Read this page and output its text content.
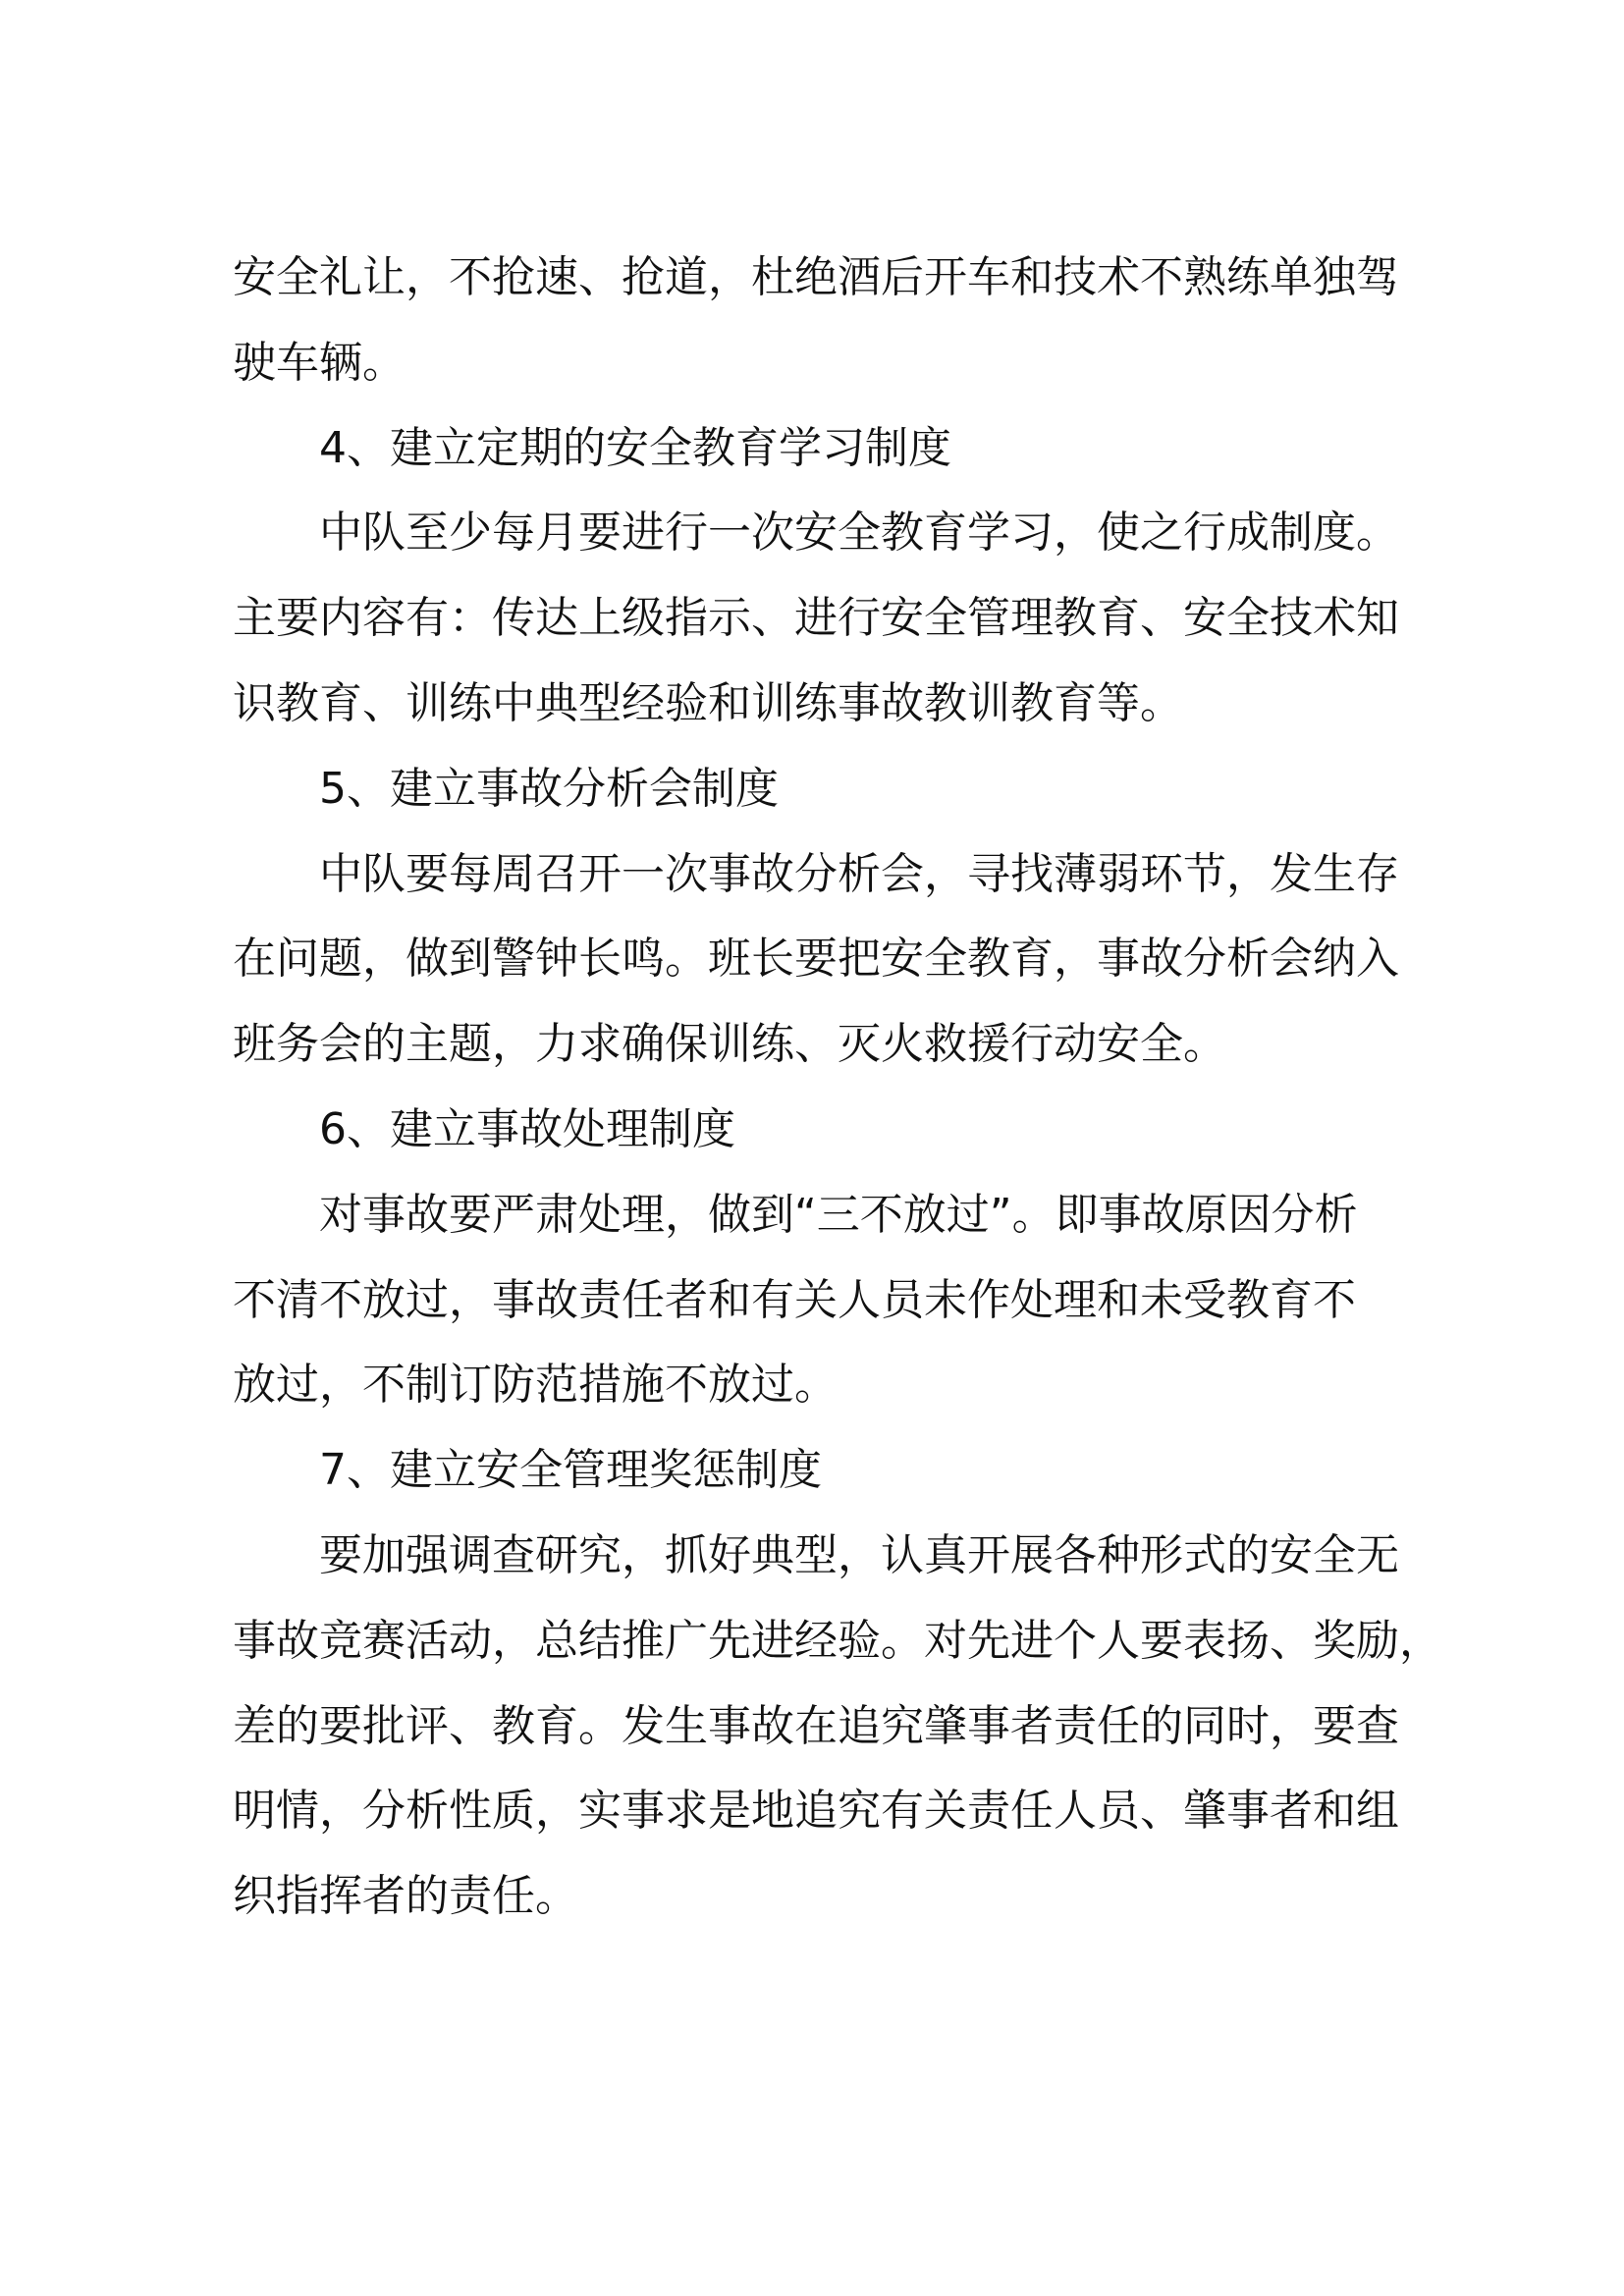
安全礼让，不抢速、抢道，杜绝酒后开车和技术不熟练单独驾
驶车辆。
4、建立定期的安全教育学习制度
中队至少每月要进行一次安全教育学习，使之行成制度。
主要内容有：传达上级指示、进行安全管理教育、安全技术知
识教育、训练中典型经验和训练事故教训教育等。
5、建立事故分析会制度
中队要每周召开一次事故分析会，寻找薄弱环节，发生存
在问题，做到警钟长鸣。班长要把安全教育，事故分析会纳入
班务会的主题，力求确保训练、灭火救援行动安全。
6、建立事故处理制度
对事故要严肃处理，做到“三不放过”。即事故原因分析
不清不放过，事故责任者和有关人员未作处理和未受教育不
放过，不制订防范措施不放过。
7、建立安全管理奖惩制度
要加强调查研究，抓好典型，认真开展各种形式的安全无
事故竞赛活动，总结推广先进经验。对先进个人要表扬、奖励，
差的要批评、教育。发生事故在追究肇事者责任的同时，要查
明情，分析性质，实事求是地追究有关责任人员、肇事者和组
织指挥者的责任。
